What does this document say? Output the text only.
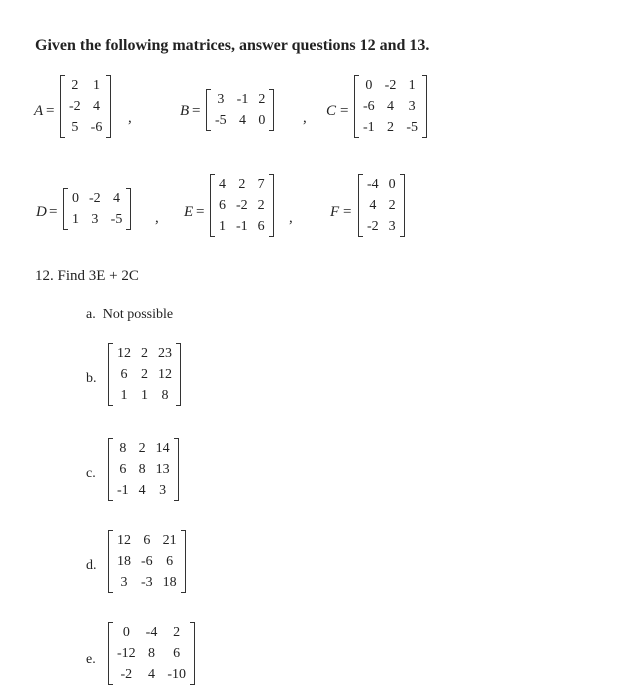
Given the following matrices, answer questions 12 and 13.
A =
2	1
-2	4
5	-6
,	B =
3	-1	2
-5	4	0	, C =
0	-2	1
-6	4	3
-1	2	-5
D =
0	-2	4
1	3	-5 , E =
4	2	7
6	-2	2
1	-1	6
, F =
-4	0
4	2
-2	3
12. Find 3E + 2C
a. Not possible
b.
12	2	23
6	2	12
1	1	8
c.
8	2	14
6	8	13
-1	4	3
d.
12	6	21
18	-6	6
3	-3	18
e.
0	-4	2
-12	8	6
-2	4	-10
